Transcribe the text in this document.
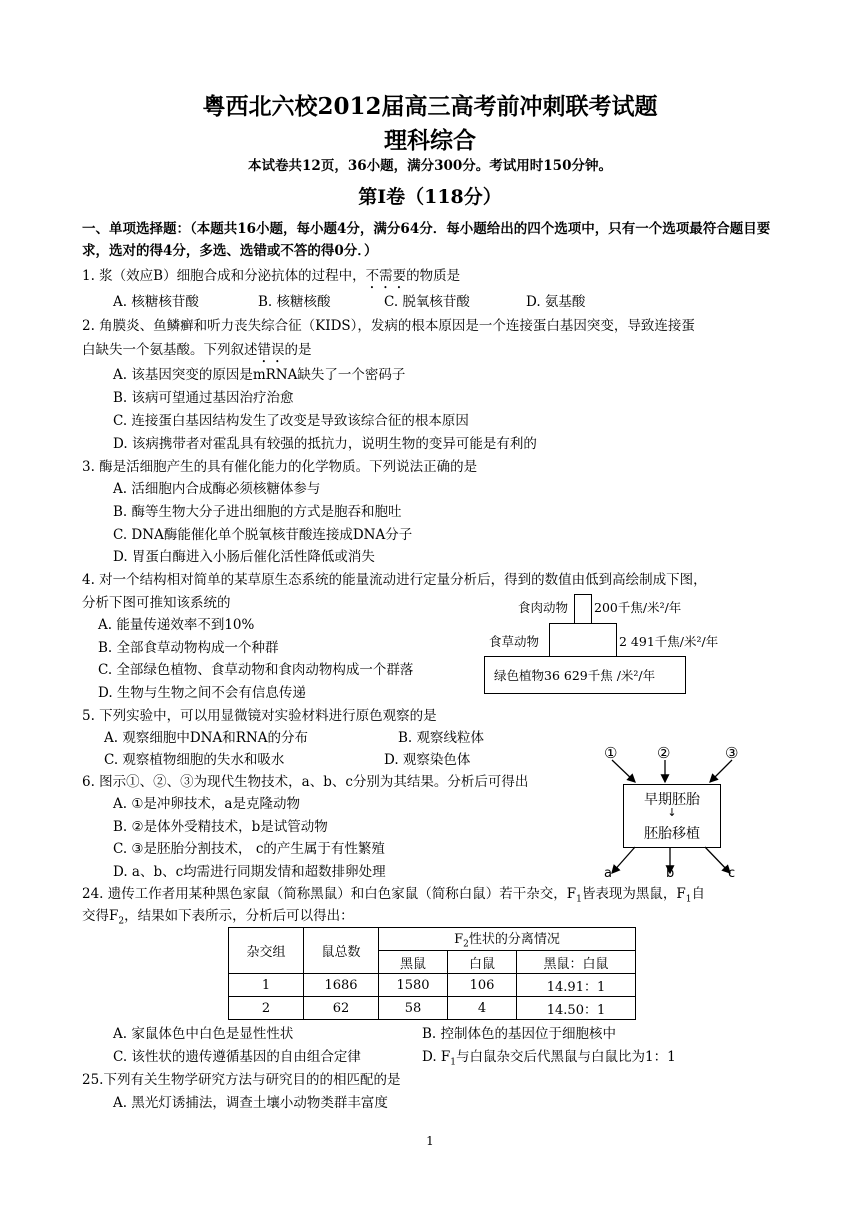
粤西北六校2012届高三高考前冲刺联考试题
理科综合
本试卷共12页，36小题，满分300分。考试用时150分钟。
第Ⅰ卷（118分）
一、单项选择题：（本题共16小题，每小题4分，满分64分．每小题给出的四个选项中，只有一个选项最符合题目要求，选对的得4分，多选、选错或不答的得0分．）
1. 浆（效应B）细胞合成和分泌抗体的过程中，不需要的物质是
A. 核糖核苷酸	B. 核糖核酸	C. 脱氧核苷酸	D. 氨基酸
2. 角膜炎、鱼鳞癣和听力丧失综合征（KIDS），发病的根本原因是一个连接蛋白基因突变，导致连接蛋
白缺失一个氨基酸。下列叙述错误的是
A. 该基因突变的原因是mRNA缺失了一个密码子
B. 该病可望通过基因治疗治愈
C. 连接蛋白基因结构发生了改变是导致该综合征的根本原因
D. 该病携带者对霍乱具有较强的抵抗力，说明生物的变异可能是有利的
3. 酶是活细胞产生的具有催化能力的化学物质。下列说法正确的是
A. 活细胞内合成酶必须核糖体参与
B. 酶等生物大分子进出细胞的方式是胞吞和胞吐
C. DNA酶能催化单个脱氧核苷酸连接成DNA分子
D. 胃蛋白酶进入小肠后催化活性降低或消失
4. 对一个结构相对简单的某草原生态系统的能量流动进行定量分析后，得到的数值由低到高绘制成下图，
分析下图可推知该系统的
A. 能量传递效率不到10%
B. 全部食草动物构成一个种群
C. 全部绿色植物、食草动物和食肉动物构成一个群落
D. 生物与生物之间不会有信息传递
食肉动物 200千焦/米²/年
食草动物	2 491千焦/米²/年
绿色植物36 629千焦 /米²/年
5. 下列实验中，可以用显微镜对实验材料进行原色观察的是
A. 观察细胞中DNA和RNA的分布	B. 观察线粒体
C. 观察植物细胞的失水和吸水	D. 观察染色体
6. 图示①、②、③为现代生物技术，a、b、c分别为其结果。分析后可得出
A. ①是冲卵技术，a是克隆动物
B. ②是体外受精技术，b是试管动物
C. ③是胚胎分割技术， c的产生属于有性繁殖
D. a、b、c均需进行同期发情和超数排卵处理
①	②	③
早期胚胎
↓
胚胎移植
a	b	c
24. 遗传工作者用某种黑色家鼠（简称黑鼠）和白色家鼠（简称白鼠）若干杂交，$F_1$皆表现为黑鼠，$F_1$自
交得$F_2$，结果如下表所示，分析后可以得出：
杂交组	鼠总数	$F_2$性状的分离情况		
		黑鼠	白鼠	黑鼠：白鼠
1	1686	1580	106	14.91：1
2	62	58	4	14.50：1
A. 家鼠体色中白色是显性性状	B. 控制体色的基因位于细胞核中
C. 该性状的遗传遵循基因的自由组合定律	D. $F_1$与白鼠杂交后代黑鼠与白鼠比为1：1
25.下列有关生物学研究方法与研究目的的相匹配的是
A. 黑光灯诱捕法，调查土壤小动物类群丰富度
1
